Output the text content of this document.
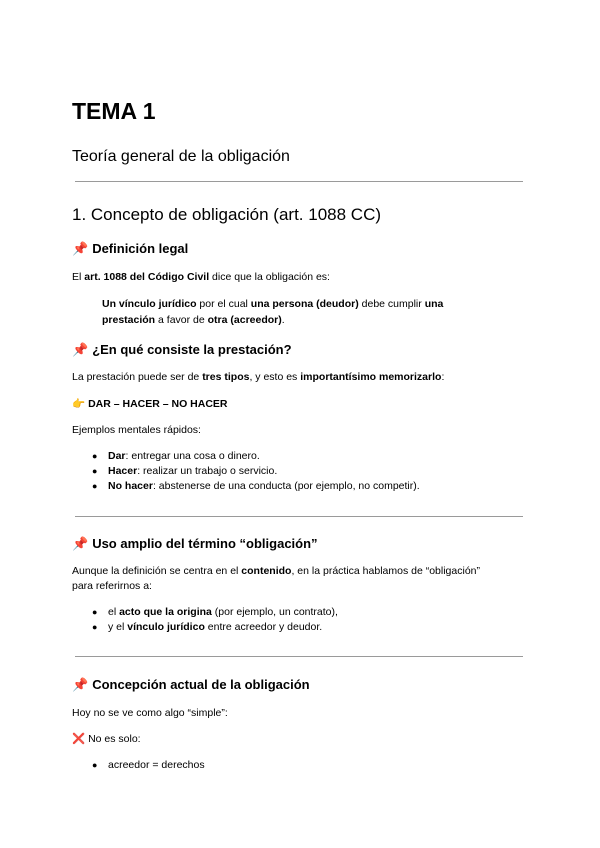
TEMA 1
Teoría general de la obligación
1. Concepto de obligación (art. 1088 CC)
📌 Definición legal
El art. 1088 del Código Civil dice que la obligación es:
Un vínculo jurídico por el cual una persona (deudor) debe cumplir una
prestación a favor de otra (acreedor).
📌 ¿En qué consiste la prestación?
La prestación puede ser de tres tipos, y esto es importantísimo memorizarlo:
👉 DAR – HACER – NO HACER
Ejemplos mentales rápidos:
● Dar: entregar una cosa o dinero.
● Hacer: realizar un trabajo o servicio.
● No hacer: abstenerse de una conducta (por ejemplo, no competir).
📌 Uso amplio del término “obligación”
Aunque la definición se centra en el contenido, en la práctica hablamos de “obligación”
para referirnos a:
● el acto que la origina (por ejemplo, un contrato),
● y el vínculo jurídico entre acreedor y deudor.
📌 Concepción actual de la obligación
Hoy no se ve como algo “simple”:
❌ No es solo:
● acreedor = derechos
